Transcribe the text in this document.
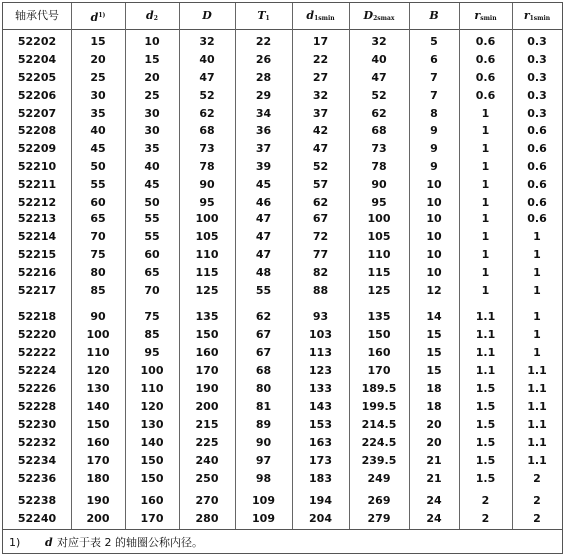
轴承代号	$d^{1)}$	$d_2$	D	$T_1$	$d_{1smin}$	$D_{2smax}$	B	$r_{smin}$	$r_{1smin}$
52202	15	10	32	22	17	32	5	0.6	0.3
52204	20	15	40	26	22	40	6	0.6	0.3
52205	25	20	47	28	27	47	7	0.6	0.3
52206	30	25	52	29	32	52	7	0.6	0.3
52207	35	30	62	34	37	62	8	1	0.3
52208	40	30	68	36	42	68	9	1	0.6
52209	45	35	73	37	47	73	9	1	0.6
52210	50	40	78	39	52	78	9	1	0.6
52211	55	45	90	45	57	90	10	1	0.6
52212	60	50	95	46	62	95	10	1	0.6
52213	65	55	100	47	67	100	10	1	0.6
52214	70	55	105	47	72	105	10	1	1
52215	75	60	110	47	77	110	10	1	1
52216	80	65	115	48	82	115	10	1	1
52217	85	70	125	55	88	125	12	1	1
52218	90	75	135	62	93	135	14	1.1	1
52220	100	85	150	67	103	150	15	1.1	1
52222	110	95	160	67	113	160	15	1.1	1
52224	120	100	170	68	123	170	15	1.1	1.1
52226	130	110	190	80	133	189.5	18	1.5	1.1
52228	140	120	200	81	143	199.5	18	1.5	1.1
52230	150	130	215	89	153	214.5	20	1.5	1.1
52232	160	140	225	90	163	224.5	20	1.5	1.1
52234	170	150	240	97	173	239.5	21	1.5	1.1
52236	180	150	250	98	183	249	21	1.5	2
52238	190	160	270	109	194	269	24	2	2
52240	200	170	280	109	204	279	24	2	2
1) d 对应于表 2 的轴圈公称内径。
